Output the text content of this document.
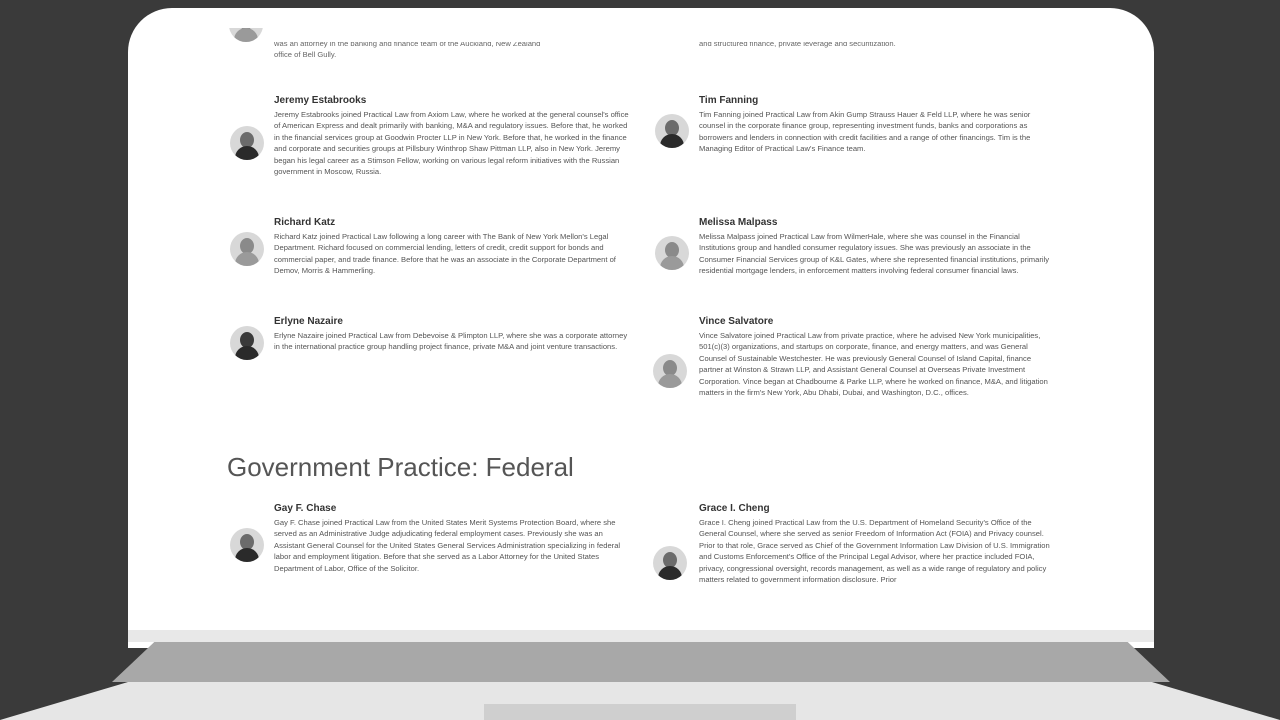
was an attorney in the banking and finance team of the Auckland, New Zealand
office of Bell Gully.
and structured finance, private leverage and securitization.
Jeremy Estabrooks
Jeremy Estabrooks joined Practical Law from Axiom Law, where he worked at the general counsel's office of American Express and dealt primarily with banking, M&A and regulatory issues. Before that, he worked in the financial services group at Goodwin Procter LLP in New York. Before that, he worked in the finance and corporate and securities groups at Pillsbury Winthrop Shaw Pittman LLP, also in New York. Jeremy began his legal career as a Stimson Fellow, working on various legal reform initiatives with the Russian government in Moscow, Russia.
Tim Fanning
Tim Fanning joined Practical Law from Akin Gump Strauss Hauer & Feld LLP, where he was senior counsel in the corporate finance group, representing investment funds, banks and corporations as borrowers and lenders in connection with credit facilities and a range of other financings. Tim is the Managing Editor of Practical Law's Finance team.
Richard Katz
Richard Katz joined Practical Law following a long career with The Bank of New York Mellon's Legal Department. Richard focused on commercial lending, letters of credit, credit support for bonds and commercial paper, and trade finance. Before that he was an associate in the Corporate Department of Demov, Morris & Hammerling.
Melissa Malpass
Melissa Malpass joined Practical Law from WilmerHale, where she was counsel in the Financial Institutions group and handled consumer regulatory issues. She was previously an associate in the Consumer Financial Services group of K&L Gates, where she represented financial institutions, primarily residential mortgage lenders, in enforcement matters involving federal consumer financial laws.
Erlyne Nazaire
Erlyne Nazaire joined Practical Law from Debevoise & Plimpton LLP, where she was a corporate attorney in the international practice group handling project finance, private M&A and joint venture transactions.
Vince Salvatore
Vince Salvatore joined Practical Law from private practice, where he advised New York municipalities, 501(c)(3) organizations, and startups on corporate, finance, and energy matters, and was General Counsel of Sustainable Westchester. He was previously General Counsel of Island Capital, finance partner at Winston & Strawn LLP, and Assistant General Counsel at Overseas Private Investment Corporation. Vince began at Chadbourne & Parke LLP, where he worked on finance, M&A, and litigation matters in the firm's New York, Abu Dhabi, Dubai, and Washington, D.C., offices.
Government Practice: Federal
Gay F. Chase
Gay F. Chase joined Practical Law from the United States Merit Systems Protection Board, where she served as an Administrative Judge adjudicating federal employment cases. Previously she was an Assistant General Counsel for the United States General Services Administration specializing in federal labor and employment litigation. Before that she served as a Labor Attorney for the United States Department of Labor, Office of the Solicitor.
Grace I. Cheng
Grace I. Cheng joined Practical Law from the U.S. Department of Homeland Security's Office of the General Counsel, where she served as senior Freedom of Information Act (FOIA) and Privacy counsel. Prior to that role, Grace served as Chief of the Government Information Law Division of U.S. Immigration and Customs Enforcement's Office of the Principal Legal Advisor, where her practice included FOIA, privacy, congressional oversight, records management, as well as a wide range of regulatory and policy matters related to government information disclosure. Prior
